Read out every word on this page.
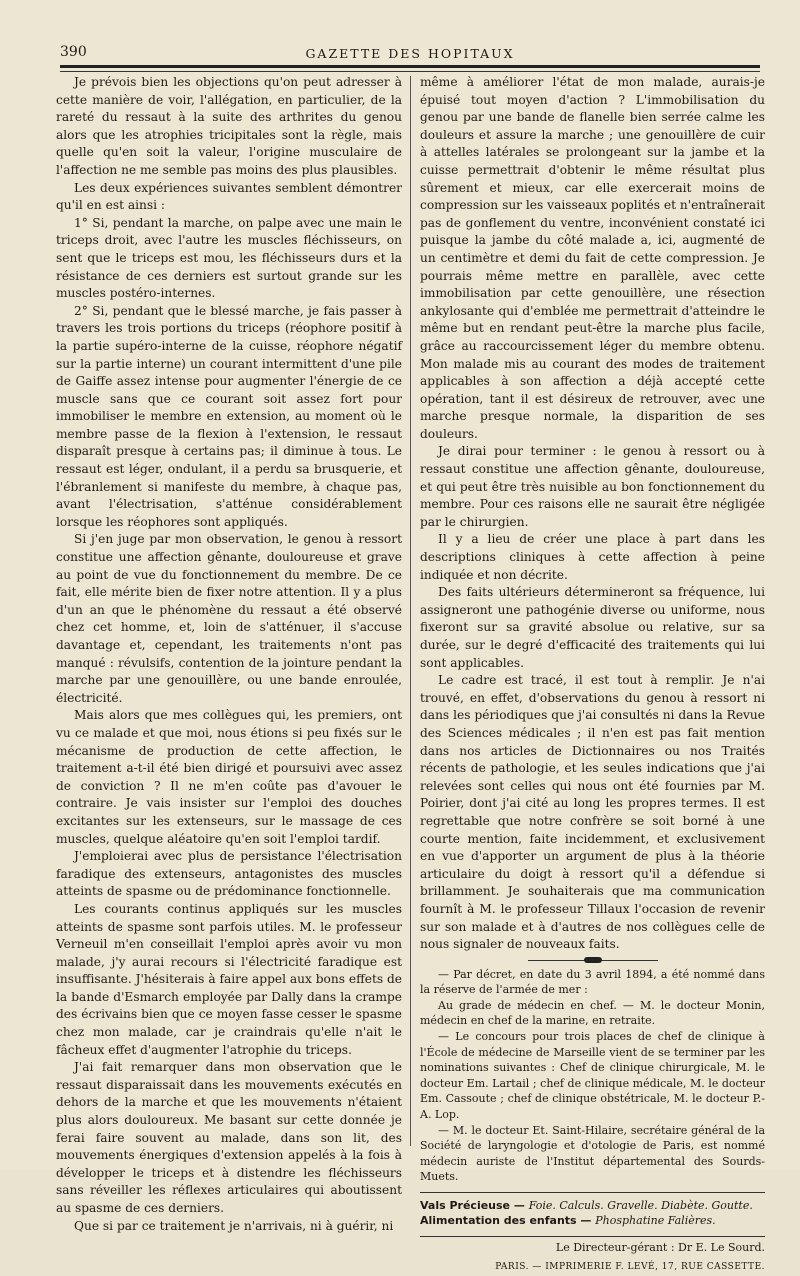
390	GAZETTE DES HOPITAUX

Je prévois bien les objections qu'on peut adresser à cette manière de voir, l'allégation, en particulier, de la rareté du ressaut à la suite des arthrites du genou alors que les atrophies tricipitales sont la règle, mais quelle qu'en soit la valeur, l'origine musculaire de l'affection ne me semble pas moins des plus plausibles.

Les deux expériences suivantes semblent démontrer qu'il en est ainsi :

1° Si, pendant la marche, on palpe avec une main le triceps droit, avec l'autre les muscles fléchisseurs, on sent que le triceps est mou, les fléchisseurs durs et la résistance de ces derniers est surtout grande sur les muscles postéro-internes.

2° Si, pendant que le blessé marche, je fais passer à travers les trois portions du triceps (réophore positif à la partie supéro-interne de la cuisse, réophore négatif sur la partie interne) un courant intermittent d'une pile de Gaiffe assez intense pour augmenter l'énergie de ce muscle sans que ce courant soit assez fort pour immobiliser le membre en extension, au moment où le membre passe de la flexion à l'extension, le ressaut disparaît presque à certains pas; il diminue à tous. Le ressaut est léger, ondulant, il a perdu sa brusquerie, et l'ébranlement si manifeste du membre, à chaque pas, avant l'électrisation, s'atténue considérablement lorsque les réophores sont appliqués.

Si j'en juge par mon observation, le genou à ressort constitue une affection gênante, douloureuse et grave au point de vue du fonctionnement du membre. De ce fait, elle mérite bien de fixer notre attention. Il y a plus d'un an que le phénomène du ressaut a été observé chez cet homme, et, loin de s'atténuer, il s'accuse davantage et, cependant, les traitements n'ont pas manqué : révulsifs, contention de la jointure pendant la marche par une genouillère, ou une bande enroulée, électricité.

Mais alors que mes collègues qui, les premiers, ont vu ce malade et que moi, nous étions si peu fixés sur le mécanisme de production de cette affection, le traitement a-t-il été bien dirigé et poursuivi avec assez de conviction ? Il ne m'en coûte pas d'avouer le contraire. Je vais insister sur l'emploi des douches excitantes sur les extenseurs, sur le massage de ces muscles, quelque aléatoire qu'en soit l'emploi tardif.

J'emploierai avec plus de persistance l'électrisation faradique des extenseurs, antagonistes des muscles atteints de spasme ou de prédominance fonctionnelle.

Les courants continus appliqués sur les muscles atteints de spasme sont parfois utiles. M. le professeur Verneuil m'en conseillait l'emploi après avoir vu mon malade, j'y aurai recours si l'électricité faradique est insuffisante. J'hésiterais à faire appel aux bons effets de la bande d'Esmarch employée par Dally dans la crampe des écrivains bien que ce moyen fasse cesser le spasme chez mon malade, car je craindrais qu'elle n'ait le fâcheux effet d'augmenter l'atrophie du triceps.

J'ai fait remarquer dans mon observation que le ressaut disparaissait dans les mouvements exécutés en dehors de la marche et que les mouvements n'étaient plus alors douloureux. Me basant sur cette donnée je ferai faire souvent au malade, dans son lit, des mouvements énergiques d'extension appelés à la fois à développer le triceps et à distendre les fléchisseurs sans réveiller les réflexes articulaires qui aboutissent au spasme de ces derniers.

Que si par ce traitement je n'arrivais, ni à guérir, ni

même à améliorer l'état de mon malade, aurais-je épuisé tout moyen d'action ? L'immobilisation du genou par une bande de flanelle bien serrée calme les douleurs et assure la marche ; une genouillère de cuir à attelles latérales se prolongeant sur la jambe et la cuisse permettrait d'obtenir le même résultat plus sûrement et mieux, car elle exercerait moins de compression sur les vaisseaux poplités et n'entraînerait pas de gonflement du ventre, inconvénient constaté ici puisque la jambe du côté malade a, ici, augmenté de un centimètre et demi du fait de cette compression. Je pourrais même mettre en parallèle, avec cette immobilisation par cette genouillère, une résection ankylosante qui d'emblée me permettrait d'atteindre le même but en rendant peut-être la marche plus facile, grâce au raccourcissement léger du membre obtenu. Mon malade mis au courant des modes de traitement applicables à son affection a déjà accepté cette opération, tant il est désireux de retrouver, avec une marche presque normale, la disparition de ses douleurs.

Je dirai pour terminer : le genou à ressort ou à ressaut constitue une affection gênante, douloureuse, et qui peut être très nuisible au bon fonctionnement du membre. Pour ces raisons elle ne saurait être négligée par le chirurgien.

Il y a lieu de créer une place à part dans les descriptions cliniques à cette affection à peine indiquée et non décrite.

Des faits ultérieurs détermineront sa fréquence, lui assigneront une pathogénie diverse ou uniforme, nous fixeront sur sa gravité absolue ou relative, sur sa durée, sur le degré d'efficacité des traitements qui lui sont applicables.

Le cadre est tracé, il est tout à remplir. Je n'ai trouvé, en effet, d'observations du genou à ressort ni dans les périodiques que j'ai consultés ni dans la Revue des Sciences médicales ; il n'en est pas fait mention dans nos articles de Dictionnaires ou nos Traités récents de pathologie, et les seules indications que j'ai relevées sont celles qui nous ont été fournies par M. Poirier, dont j'ai cité au long les propres termes. Il est regrettable que notre confrère se soit borné à une courte mention, faite incidemment, et exclusivement en vue d'apporter un argument de plus à la théorie articulaire du doigt à ressort qu'il a défendue si brillamment. Je souhaiterais que ma communication fournît à M. le professeur Tillaux l'occasion de revenir sur son malade et à d'autres de nos collègues celle de nous signaler de nouveaux faits.

— Par décret, en date du 3 avril 1894, a été nommé dans la réserve de l'armée de mer :

Au grade de médecin en chef. — M. le docteur Monin, médecin en chef de la marine, en retraite.

— Le concours pour trois places de chef de clinique à l'École de médecine de Marseille vient de se terminer par les nominations suivantes : Chef de clinique chirurgicale, M. le docteur Em. Lartail ; chef de clinique médicale, M. le docteur Em. Cassoute ; chef de clinique obstétricale, M. le docteur P.-A. Lop.

— M. le docteur Et. Saint-Hilaire, secrétaire général de la Société de laryngologie et d'otologie de Paris, est nommé médecin auriste de l'Institut départemental des Sourds-Muets.

Vals Précieuse — Foie. Calculs. Gravelle. Diabète. Goutte.
Alimentation des enfants — Phosphatine Falières.
Le Directeur-gérant : Dr E. Le Sourd.
PARIS. — IMPRIMERIE F. LEVÉ, 17, RUE CASSETTE.
